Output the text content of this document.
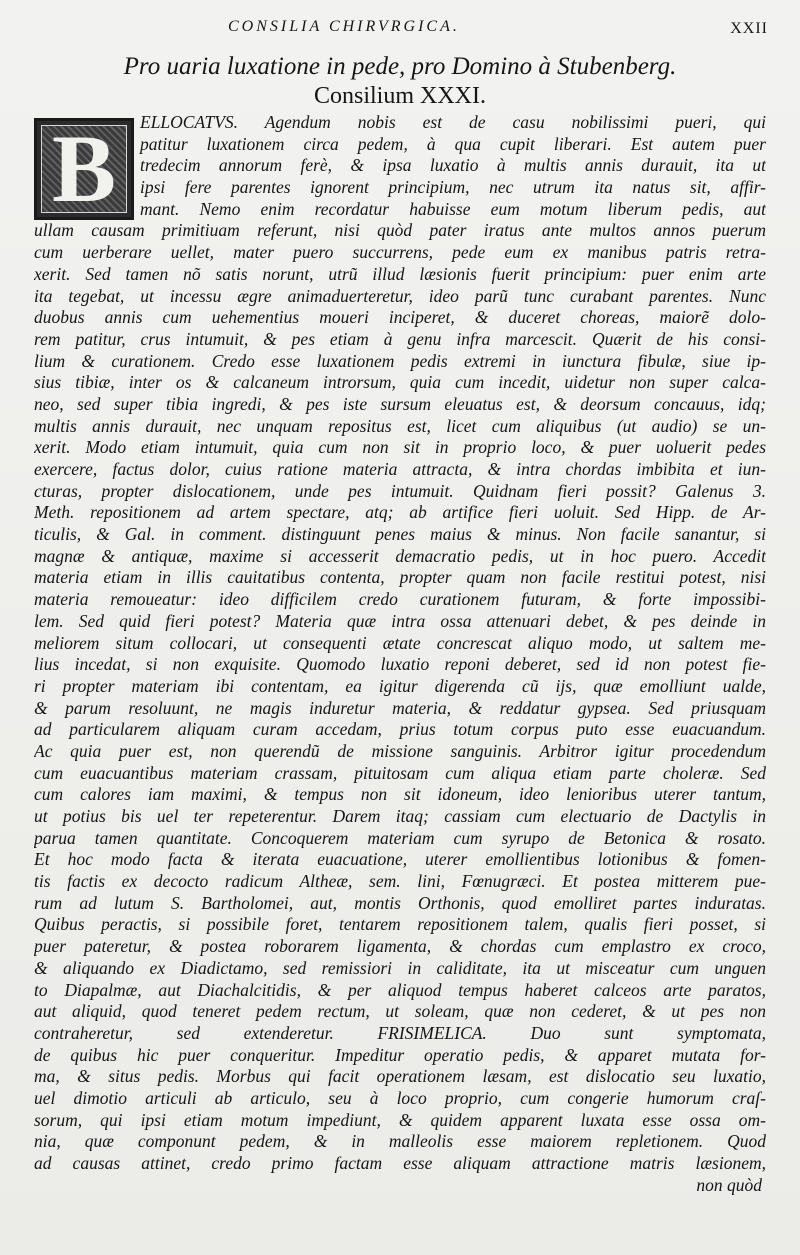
CONSILIA CHIRVRGICA.	XXII
Pro uaria luxatione in pede, pro Domino à Stubenberg.
Consilium XXXI.
B	ELLOCATVS. Agendum nobis est de casu nobilissimi pueri, qui
patitur luxationem circa pedem, à qua cupit liberari. Est autem puer
tredecim annorum ferè, & ipsa luxatio à multis annis durauit, ita ut
ipsi fere parentes ignorent principium, nec utrum ita natus sit, affir-
mant. Nemo enim recordatur habuisse eum motum liberum pedis, aut
ullam causam primitiuam referunt, nisi quòd pater iratus ante multos annos puerum
cum uerberare uellet, mater puero succurrens, pede eum ex manibus patris retra-
xerit. Sed tamen nõ satis norunt, utrũ illud læsionis fuerit principium: puer enim arte
ita tegebat, ut incessu ægre animaduerteretur, ideo parũ tunc curabant parentes. Nunc
duobus annis cum uehementius moueri inciperet, & duceret choreas, maiorẽ dolo-
rem patitur, crus intumuit, & pes etiam à genu infra marcescit. Quærit de his consi-
lium & curationem. Credo esse luxationem pedis extremi in iunctura fibulæ, siue ip-
sius tibiæ, inter os & calcaneum introrsum, quia cum incedit, uidetur non super calca-
neo, sed super tibia ingredi, & pes iste sursum eleuatus est, & deorsum concauus, idq;
multis annis durauit, nec unquam repositus est, licet cum aliquibus (ut audio) se un-
xerit. Modo etiam intumuit, quia cum non sit in proprio loco, & puer uoluerit pedes
exercere, factus dolor, cuius ratione materia attracta, & intra chordas imbibita et iun-
cturas, propter dislocationem, unde pes intumuit. Quidnam fieri possit? Galenus 3.
Meth. repositionem ad artem spectare, atq; ab artifice fieri uoluit. Sed Hipp. de Ar-
ticulis, & Gal. in comment. distinguunt penes maius & minus. Non facile sanantur, si
magnæ & antiquæ, maxime si accesserit demacratio pedis, ut in hoc puero. Accedit
materia etiam in illis cauitatibus contenta, propter quam non facile restitui potest, nisi
materia remoueatur: ideo difficilem credo curationem futuram, & forte impossibi-
lem. Sed quid fieri potest? Materia quæ intra ossa attenuari debet, & pes deinde in
meliorem situm collocari, ut consequenti ætate concrescat aliquo modo, ut saltem me-
lius incedat, si non exquisite. Quomodo luxatio reponi deberet, sed id non potest fie-
ri propter materiam ibi contentam, ea igitur digerenda cũ ijs, quæ emolliunt ualde,
& parum resoluunt, ne magis induretur materia, & reddatur gypsea. Sed priusquam
ad particularem aliquam curam accedam, prius totum corpus puto esse euacuandum.
Ac quia puer est, non querendũ de missione sanguinis. Arbitror igitur procedendum
cum euacuantibus materiam crassam, pituitosam cum aliqua etiam parte choleræ. Sed
cum calores iam maximi, & tempus non sit idoneum, ideo lenioribus uterer tantum,
ut potius bis uel ter repeterentur. Darem itaq; cassiam cum electuario de Dactylis in
parua tamen quantitate. Concoquerem materiam cum syrupo de Betonica & rosato.
Et hoc modo facta & iterata euacuatione, uterer emollientibus lotionibus & fomen-
tis factis ex decocto radicum Altheæ, sem. lini, Fœnugræci. Et postea mitterem pue-
rum ad lutum S. Bartholomei, aut, montis Orthonis, quod emolliret partes induratas.
Quibus peractis, si possibile foret, tentarem repositionem talem, qualis fieri posset, si
puer pateretur, & postea roborarem ligamenta, & chordas cum emplastro ex croco,
& aliquando ex Diadictamo, sed remissiori in caliditate, ita ut misceatur cum unguen
to Diapalmæ, aut Diachalcitidis, & per aliquod tempus haberet calceos arte paratos,
aut aliquid, quod teneret pedem rectum, ut soleam, quæ non cederet, & ut pes non
contraheretur, sed extenderetur. FRISIMELICA. Duo sunt symptomata,
de quibus hic puer conqueritur. Impeditur operatio pedis, & apparet mutata for-
ma, & situs pedis. Morbus qui facit operationem læsam, est dislocatio seu luxatio,
uel dimotio articuli ab articulo, seu à loco proprio, cum congerie humorum craſ-
sorum, qui ipsi etiam motum impediunt, & quidem apparent luxata esse ossa om-
nia, quæ componunt pedem, & in malleolis esse maiorem repletionem. Quod
ad causas attinet, credo primo factam esse aliquam attractione matris læsionem,
non quòd
